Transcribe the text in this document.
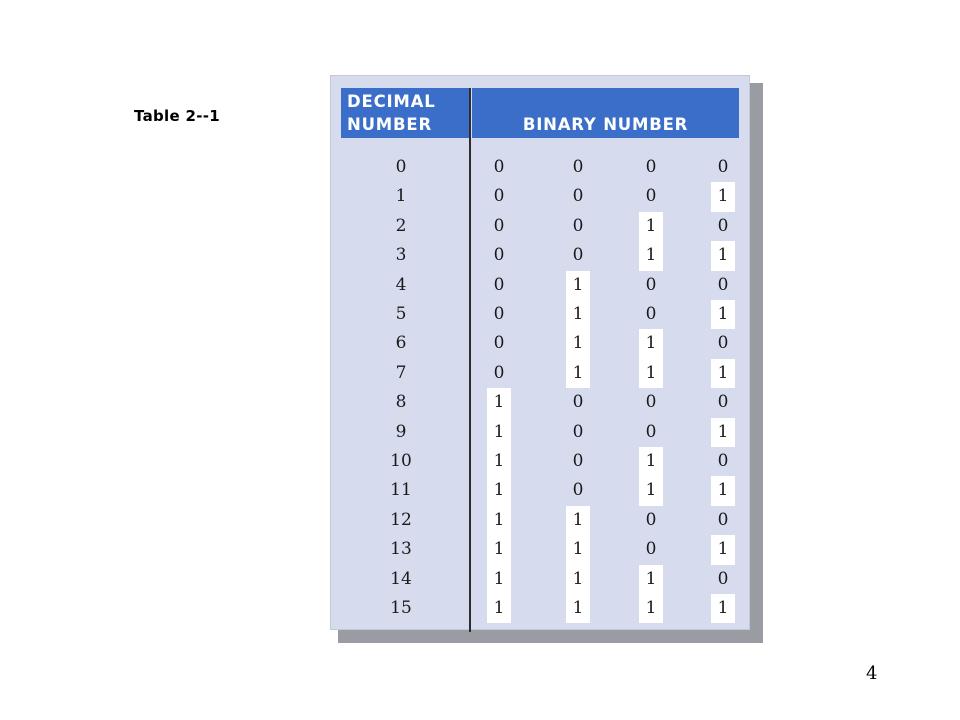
Table 2--1
DECIMAL
NUMBER	BINARY NUMBER
0	0	0	0	0
1	0	0	0	1
2	0	0	1	0
3	0	0	1	1
4	0	1	0	0
5	0	1	0	1
6	0	1	1	0
7	0	1	1	1
8	1	0	0	0
9	1	0	0	1
10	1	0	1	0
11	1	0	1	1
12	1	1	0	0
13	1	1	0	1
14	1	1	1	0
15	1	1	1	1
4
